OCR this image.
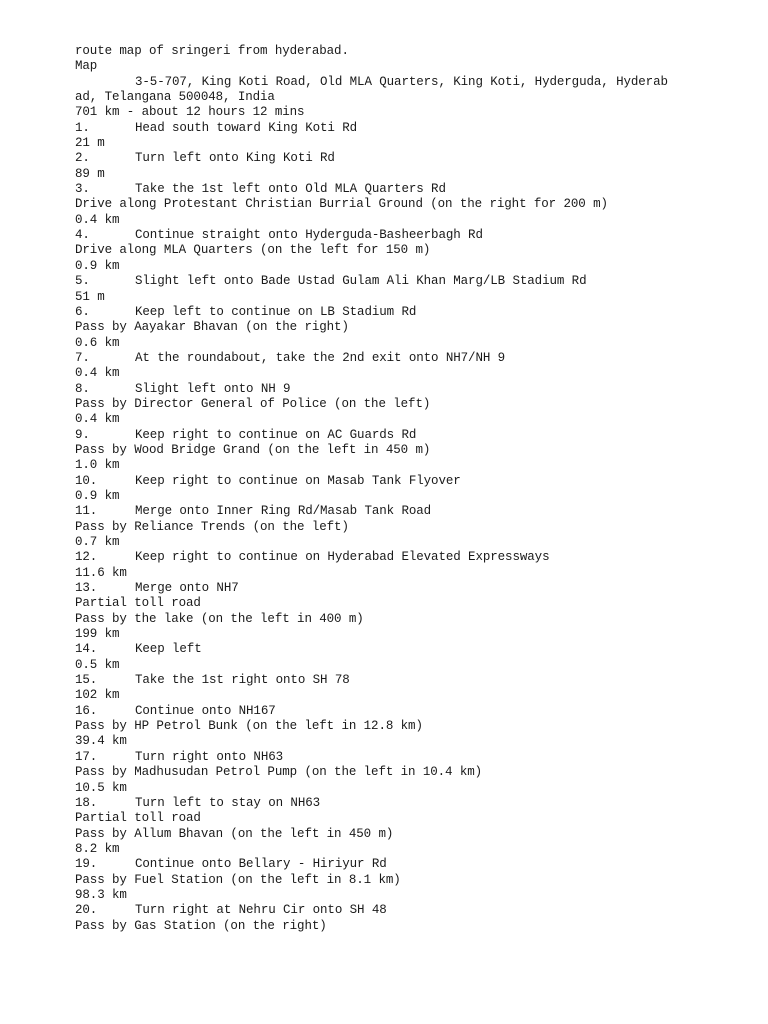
route map of sringeri from hyderabad.
Map
3-5-707, King Koti Road, Old MLA Quarters, King Koti, Hyderguda, Hyderab
ad, Telangana 500048, India
701 km - about 12 hours 12 mins
1.	Head south toward King Koti Rd
21 m
2.	Turn left onto King Koti Rd
89 m
3.	Take the 1st left onto Old MLA Quarters Rd
Drive along Protestant Christian Burrial Ground (on the right for 200 m)
0.4 km
4.	Continue straight onto Hyderguda-Basheerbagh Rd
Drive along MLA Quarters (on the left for 150 m)
0.9 km
5.	Slight left onto Bade Ustad Gulam Ali Khan Marg/LB Stadium Rd
51 m
6.	Keep left to continue on LB Stadium Rd
Pass by Aayakar Bhavan (on the right)
0.6 km
7.	At the roundabout, take the 2nd exit onto NH7/NH 9
0.4 km
8.	Slight left onto NH 9
Pass by Director General of Police (on the left)
0.4 km
9.	Keep right to continue on AC Guards Rd
Pass by Wood Bridge Grand (on the left in 450 m)
1.0 km
10.	Keep right to continue on Masab Tank Flyover
0.9 km
11.	Merge onto Inner Ring Rd/Masab Tank Road
Pass by Reliance Trends (on the left)
0.7 km
12.	Keep right to continue on Hyderabad Elevated Expressways
11.6 km
13.	Merge onto NH7
Partial toll road
Pass by the lake (on the left in 400 m)
199 km
14.	Keep left
0.5 km
15.	Take the 1st right onto SH 78
102 km
16.	Continue onto NH167
Pass by HP Petrol Bunk (on the left in 12.8 km)
39.4 km
17.	Turn right onto NH63
Pass by Madhusudan Petrol Pump (on the left in 10.4 km)
10.5 km
18.	Turn left to stay on NH63
Partial toll road
Pass by Allum Bhavan (on the left in 450 m)
8.2 km
19.	Continue onto Bellary - Hiriyur Rd
Pass by Fuel Station (on the left in 8.1 km)
98.3 km
20.	Turn right at Nehru Cir onto SH 48
Pass by Gas Station (on the right)
